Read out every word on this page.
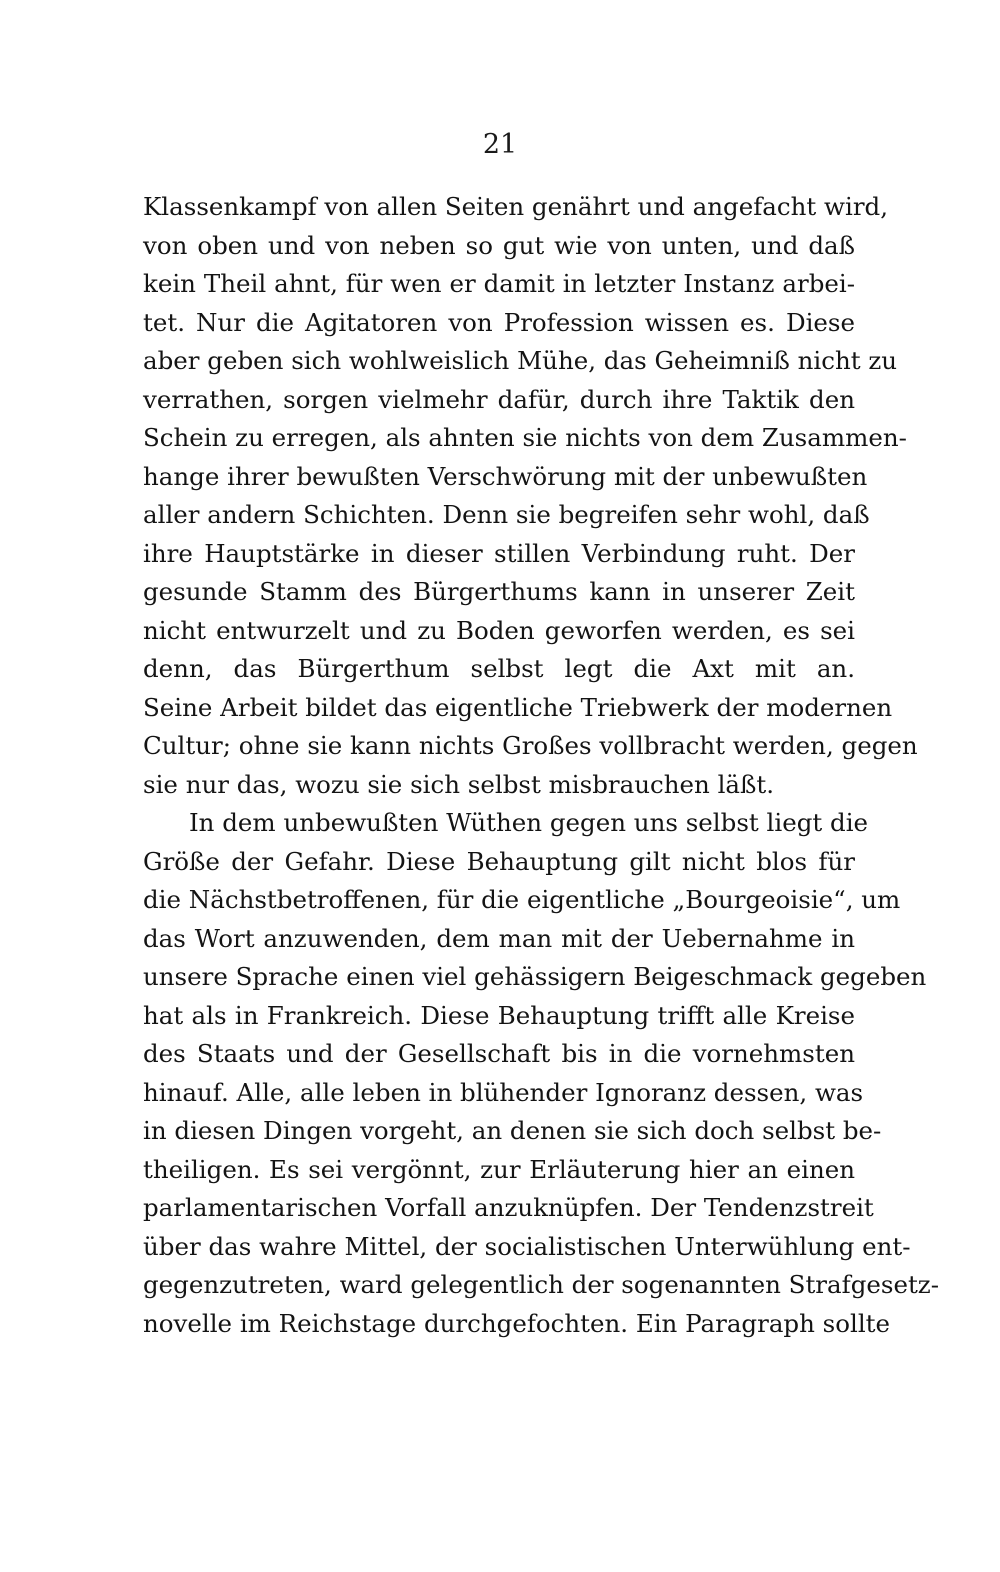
21
Klassenkampf von allen Seiten genährt und angefacht wird,
von oben und von neben so gut wie von unten, und daß
kein Theil ahnt, für wen er damit in letzter Instanz arbei-
tet. Nur die Agitatoren von Profession wissen es. Diese
aber geben sich wohlweislich Mühe, das Geheimniß nicht zu
verrathen, sorgen vielmehr dafür, durch ihre Taktik den
Schein zu erregen, als ahnten sie nichts von dem Zusammen-
hange ihrer bewußten Verschwörung mit der unbewußten
aller andern Schichten. Denn sie begreifen sehr wohl, daß
ihre Hauptstärke in dieser stillen Verbindung ruht. Der
gesunde Stamm des Bürgerthums kann in unserer Zeit
nicht entwurzelt und zu Boden geworfen werden, es sei
denn, das Bürgerthum selbst legt die Axt mit an.
Seine Arbeit bildet das eigentliche Triebwerk der modernen
Cultur; ohne sie kann nichts Großes vollbracht werden, gegen
sie nur das, wozu sie sich selbst misbrauchen läßt.
In dem unbewußten Wüthen gegen uns selbst liegt die
Größe der Gefahr. Diese Behauptung gilt nicht blos für
die Nächstbetroffenen, für die eigentliche „Bourgeoisie“, um
das Wort anzuwenden, dem man mit der Uebernahme in
unsere Sprache einen viel gehässigern Beigeschmack gegeben
hat als in Frankreich. Diese Behauptung trifft alle Kreise
des Staats und der Gesellschaft bis in die vornehmsten
hinauf. Alle, alle leben in blühender Ignoranz dessen, was
in diesen Dingen vorgeht, an denen sie sich doch selbst be-
theiligen. Es sei vergönnt, zur Erläuterung hier an einen
parlamentarischen Vorfall anzuknüpfen. Der Tendenzstreit
über das wahre Mittel, der socialistischen Unterwühlung ent-
gegenzutreten, ward gelegentlich der sogenannten Strafgesetz-
novelle im Reichstage durchgefochten. Ein Paragraph sollte
